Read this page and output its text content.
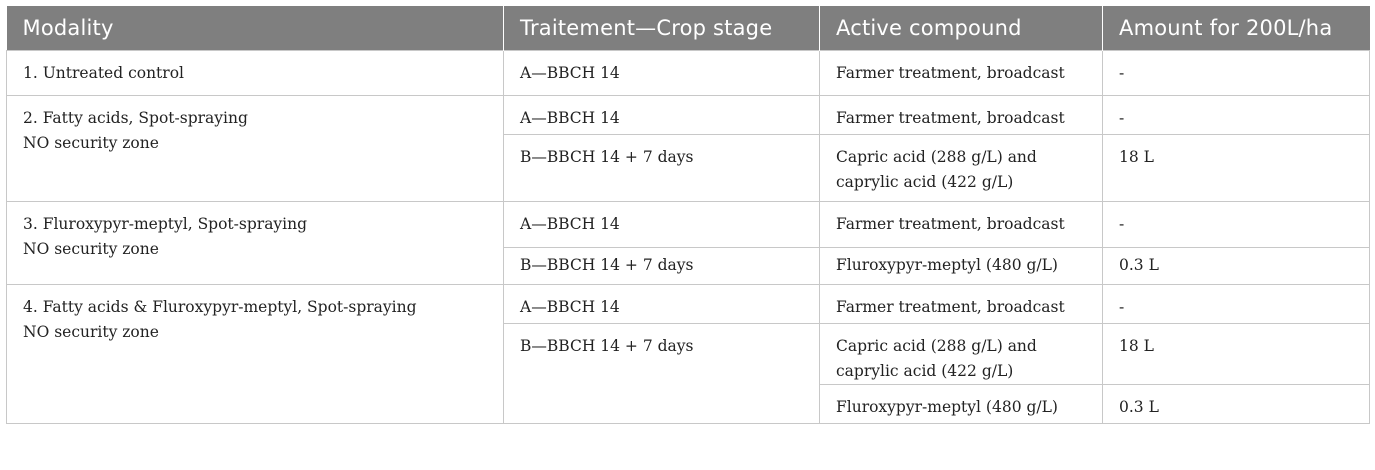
Modality	Traitement—Crop stage	Active compound	Amount for 200L/ha

1. Untreated control	A—BBCH 14	Farmer treatment, broadcast	-

2. Fatty acids, Spot-spraying
NO security zone	A—BBCH 14	Farmer treatment, broadcast	-
	B—BBCH 14 + 7 days	Capric acid (288 g/L) and
caprylic acid (422 g/L)	18 L

3. Fluroxypyr-meptyl, Spot-spraying
NO security zone	A—BBCH 14	Farmer treatment, broadcast	-
	B—BBCH 14 + 7 days	Fluroxypyr-meptyl (480 g/L)	0.3 L

4. Fatty acids & Fluroxypyr-meptyl, Spot-spraying
NO security zone	A—BBCH 14	Farmer treatment, broadcast	-
	B—BBCH 14 + 7 days	Capric acid (288 g/L) and
caprylic acid (422 g/L)	18 L
		Fluroxypyr-meptyl (480 g/L)	0.3 L
